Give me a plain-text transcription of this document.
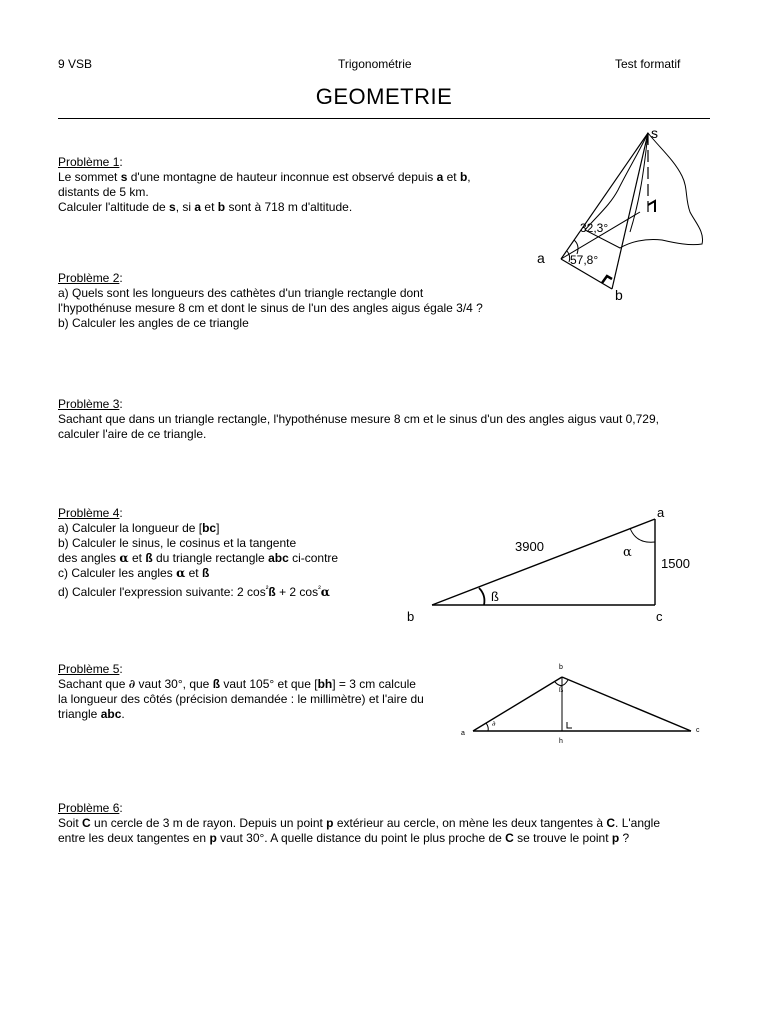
9 VSB	Trigonométrie	Test formatif
GEOMETRIE
Problème 1:
Le sommet s d'une montagne de hauteur inconnue est observé depuis a et b,
distants de 5 km.
Calculer l'altitude de s, si a et b sont à 718 m d'altitude.
Problème 2:
a) Quels sont les longueurs des cathètes d'un triangle rectangle dont
l'hypothénuse mesure 8 cm et dont le sinus de l'un des angles aigus égale 3/4 ?
b) Calculer les angles de ce triangle
Problème 3:
Sachant que dans un triangle rectangle, l'hypothénuse mesure 8 cm et le sinus d'un des angles aigus vaut 0,729,
calculer l'aire de ce triangle.
Problème 4:
a) Calculer la longueur de [bc]
b) Calculer le sinus, le cosinus et la tangente
des angles α et ß du triangle rectangle abc ci-contre
c) Calculer les angles α et ß
d) Calculer l'expression suivante: 2 $\cos^{^2}ß + 2$ $\cos^{^2}\alpha$
Problème 5:
Sachant que ∂ vaut 30°, que ß vaut 105° et que [bh] = 3 cm calcule
la longueur des côtés (précision demandée : le millimètre) et l'aire du
triangle abc.
Problème 6:
Soit C un cercle de 3 m de rayon. Depuis un point p extérieur au cercle, on mène les deux tangentes à C. L'angle
entre les deux tangentes en p vaut 30°. A quelle distance du point le plus proche de C se trouve le point p ?
s
a
b
32,3°
57,8°
a
b	c
3900
1500
α
ß
a
b
c
h
∂
ß
